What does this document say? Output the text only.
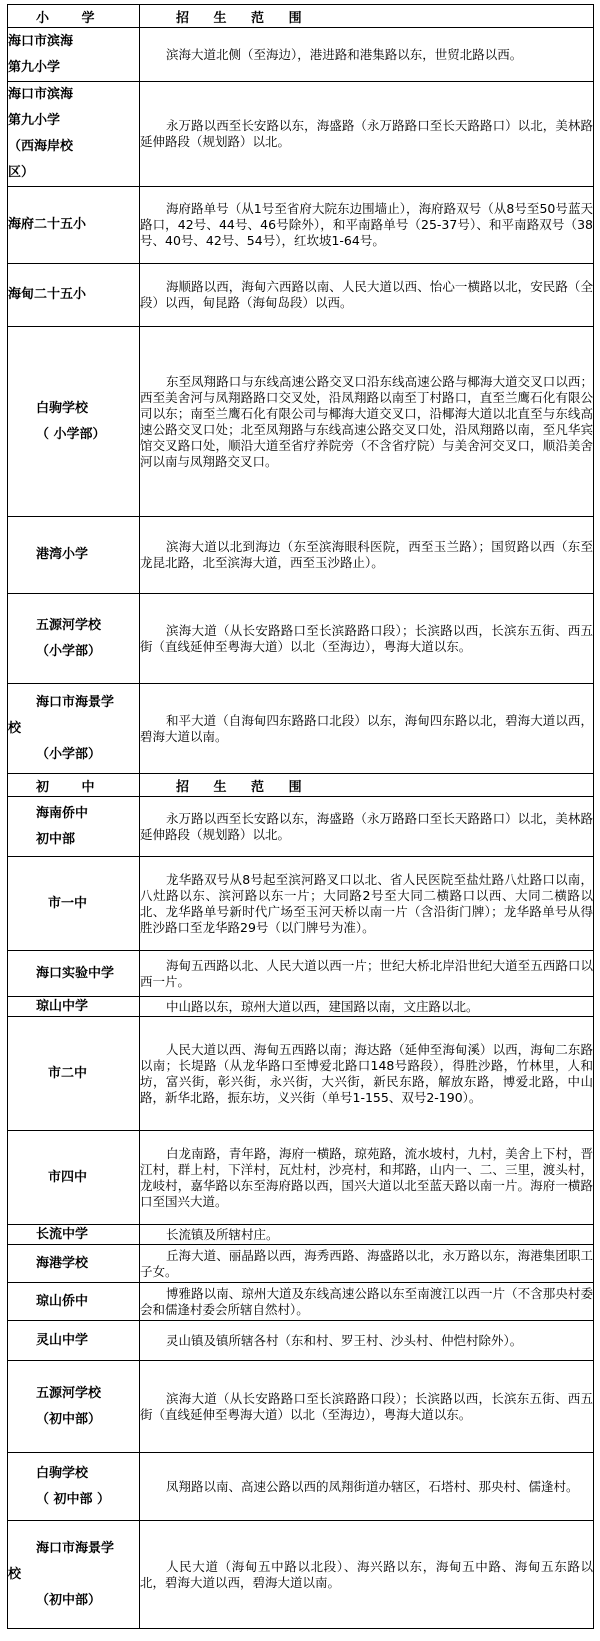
小 学	招 生 范 围

海口市滨海
第九小学	滨海大道北侧（至海边），港进路和港集路以东，世贸北路以西。

海口市滨海
第九小学
（西海岸校
区）	永万路以西至长安路以东，海盛路（永万路路口至长天路路口）以北，美林路延伸路段（规划路）以北。

海府二十五小	海府路单号（从1号至省府大院东边围墙止），海府路双号（从8号至50号蓝天路口，42号、44号、46号除外），和平南路单号（25-37号）、和平南路双号（38号、40号、42号、54号），红坎坡1-64号。

海甸二十五小	海顺路以西，海甸六西路以南、人民大道以西、怡心一横路以北，安民路（全段）以西，甸昆路（海甸岛段）以西。

白驹学校
（ 小学部）	东至凤翔路口与东线高速公路交叉口沿东线高速公路与椰海大道交叉口以西；西至美舍河与凤翔路路口交叉处，沿凤翔路以南至丁村路口，直至兰鹰石化有限公司以东；南至兰鹰石化有限公司与椰海大道交叉口，沿椰海大道以北直至与东线高速公路交叉口处；北至凤翔路与东线高速公路交叉口处，沿凤翔路以南，至凡华宾馆交叉路口处，顺沿大道至省疗养院旁（不含省疗院）与美舍河交叉口，顺沿美舍河以南与凤翔路交叉口。

港湾小学	滨海大道以北到海边（东至滨海眼科医院，西至玉兰路）；国贸路以西（东至龙昆北路，北至滨海大道，西至玉沙路止）。

五源河学校
（小学部）	滨海大道（从长安路路口至长滨路路口段）；长滨路以西，长滨东五街、西五街（直线延伸至粤海大道）以北（至海边），粤海大道以东。

海口市海景学
校
（小学部）	和平大道（自海甸四东路路口北段）以东，海甸四东路以北，碧海大道以西，碧海大道以南。

初 中	招 生 范 围

海南侨中
初中部	永万路以西至长安路以东，海盛路（永万路路口至长天路路口）以北，美林路延伸路段（规划路）以北。

市一中	龙华路双号从8号起至滨河路叉口以北、省人民医院至盐灶路八灶路口以南，八灶路以东、滨河路以东一片；大同路2号至大同二横路口以西、大同二横路以北、龙华路单号新时代广场至玉河天桥以南一片（含沿街门牌）；龙华路单号从得胜沙路口至龙华路29号（以门牌号为准）。

海口实验中学	海甸五西路以北、人民大道以西一片；世纪大桥北岸沿世纪大道至五西路口以西一片。

琼山中学	中山路以东，琼州大道以西，建国路以南，文庄路以北。

市二中	人民大道以西、海甸五西路以南；海达路（延伸至海甸溪）以西，海甸二东路以南；长堤路（从龙华路口至博爱北路口148号路段），得胜沙路，竹林里，人和坊，富兴街，彰兴街，永兴街，大兴街，新民东路，解放东路，博爱北路，中山路，新华北路，振东坊，义兴街（单号1-155、双号2-190）。

市四中	白龙南路，青年路，海府一横路，琼苑路，流水坡村，九村，美舍上下村，晋江村，群上村，下洋村，瓦灶村，沙亮村，和邦路，山内一、二、三里，渡头村，龙岐村，嘉华路以东至海府路以西，国兴大道以北至蓝天路以南一片。海府一横路口至国兴大道。

长流中学	长流镇及所辖村庄。

海港学校	丘海大道、丽晶路以西，海秀西路、海盛路以北，永万路以东，海港集团职工子女。

琼山侨中	博雅路以南、琼州大道及东线高速公路以东至南渡江以西一片（不含那央村委会和儒逢村委会所辖自然村）。

灵山中学	灵山镇及镇所辖各村（东和村、罗王村、沙头村、仲恺村除外）。

五源河学校
（初中部）	滨海大道（从长安路路口至长滨路路口段）；长滨路以西，长滨东五街、西五街（直线延伸至粤海大道）以北（至海边），粤海大道以东。

白驹学校
（ 初中部 ）	凤翔路以南、高速公路以西的凤翔街道办辖区，石塔村、那央村、儒逢村。

海口市海景学
校
（初中部）	人民大道（海甸五中路以北段）、海兴路以东，海甸五中路、海甸五东路以北，碧海大道以西，碧海大道以南。
